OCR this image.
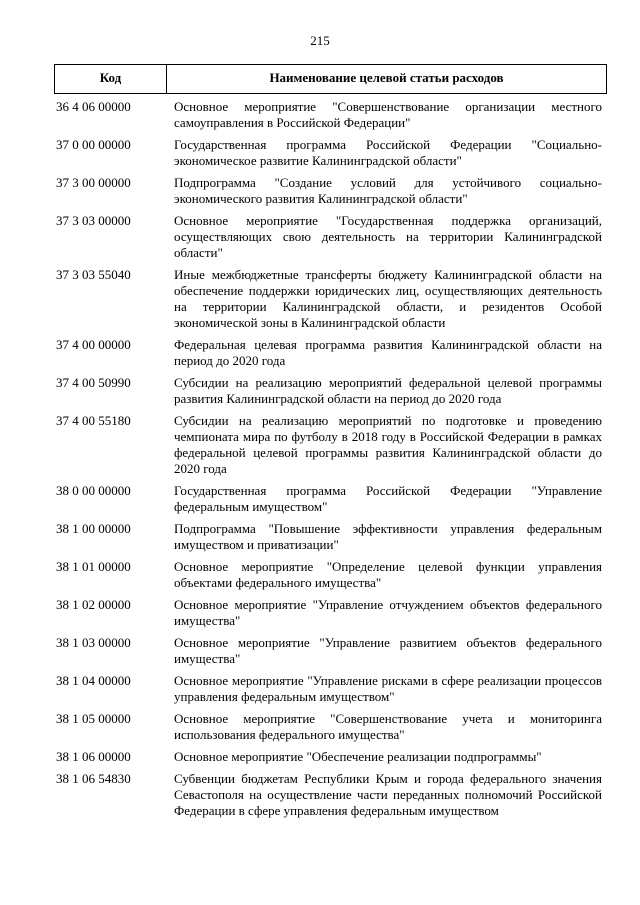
215
Код	Наименование целевой статьи расходов
36 4 06 00000	Основное мероприятие "Совершенствование организации местного самоуправления в Российской Федерации"
37 0 00 00000	Государственная программа Российской Федерации "Социально-экономическое развитие Калининградской области"
37 3 00 00000	Подпрограмма "Создание условий для устойчивого социально-экономического развития Калининградской области"
37 3 03 00000	Основное мероприятие "Государственная поддержка организаций, осуществляющих свою деятельность на территории Калининградской области"
37 3 03 55040	Иные межбюджетные трансферты бюджету Калининградской области на обеспечение поддержки юридических лиц, осуществляющих деятельность на территории Калининградской области, и резидентов Особой экономической зоны в Калининградской области
37 4 00 00000	Федеральная целевая программа развития Калининградской области на период до 2020 года
37 4 00 50990	Субсидии на реализацию мероприятий федеральной целевой программы развития Калининградской области на период до 2020 года
37 4 00 55180	Субсидии на реализацию мероприятий по подготовке и проведению чемпионата мира по футболу в 2018 году в Российской Федерации в рамках федеральной целевой программы развития Калининградской области до 2020 года
38 0 00 00000	Государственная программа Российской Федерации "Управление федеральным имуществом"
38 1 00 00000	Подпрограмма "Повышение эффективности управления федеральным имуществом и приватизации"
38 1 01 00000	Основное мероприятие "Определение целевой функции управления объектами федерального имущества"
38 1 02 00000	Основное мероприятие "Управление отчуждением объектов федерального имущества"
38 1 03 00000	Основное мероприятие "Управление развитием объектов федерального имущества"
38 1 04 00000	Основное мероприятие "Управление рисками в сфере реализации процессов управления федеральным имуществом"
38 1 05 00000	Основное мероприятие "Совершенствование учета и мониторинга использования федерального имущества"
38 1 06 00000	Основное мероприятие "Обеспечение реализации подпрограммы"
38 1 06 54830	Субвенции бюджетам Республики Крым и города федерального значения Севастополя на осуществление части переданных полномочий Российской Федерации в сфере управления федеральным имуществом
